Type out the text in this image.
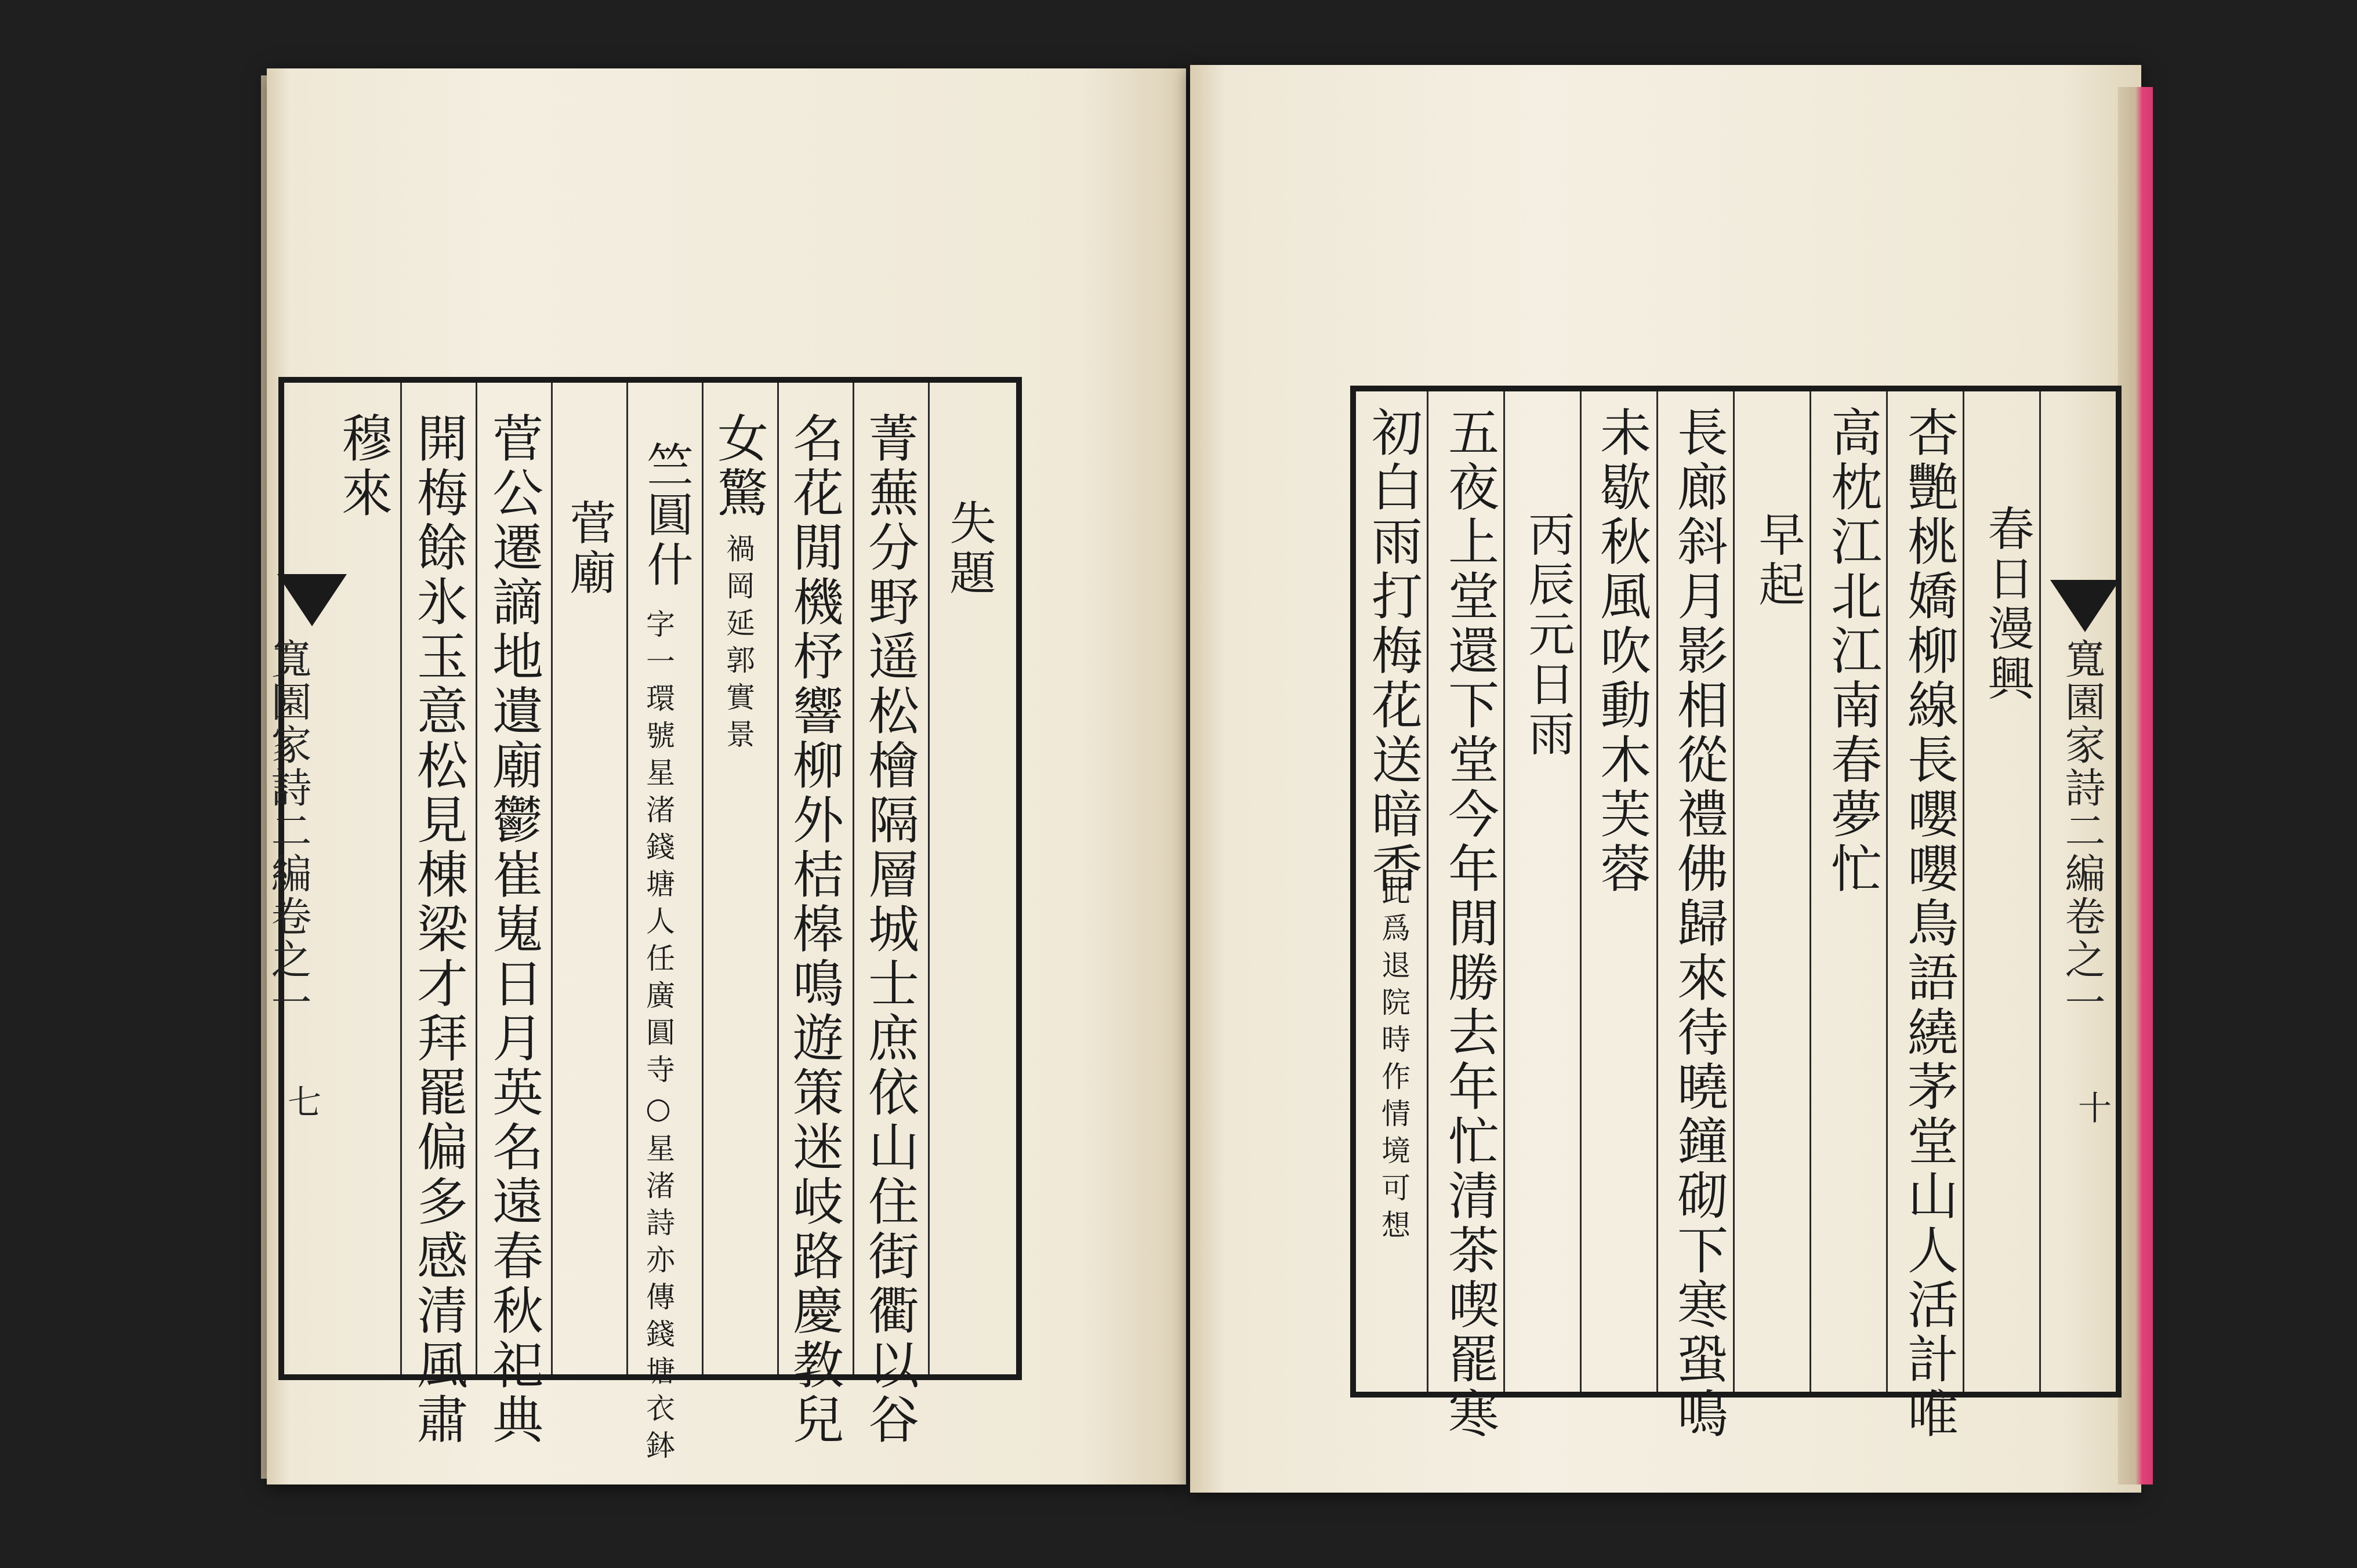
寬園家詩二編卷之一
七
失題
菁蕪分野遥松檜隔層城士庶依山住街衢以谷
名花閒機杼響柳外桔槔鳴遊策迷岐路慶教兒
女驚
禍岡延郭實景
竺圓什
字一環號星渚錢塘人任廣圓寺○星渚詩亦傳錢塘衣鉢
菅廟
菅公遷謫地遺廟鬱崔嵬日月英名遠春秋祀典
開梅餘氷玉意松見棟梁才拜罷偏多感清風肅
穆來
寬園家詩二編卷之一
十
春日漫興
杏艷桃嬌柳線長嚶嚶鳥語繞茅堂山人活計唯
高枕江北江南春夢忙
早起
長廊斜月影相從禮佛歸來待曉鐘砌下寒蛩鳴
未歇秋風吹動木芙蓉
丙辰元日雨
五夜上堂還下堂今年閒勝去年忙清茶喫罷寒
初白雨打梅花送暗香
此爲退院時作情境可想
